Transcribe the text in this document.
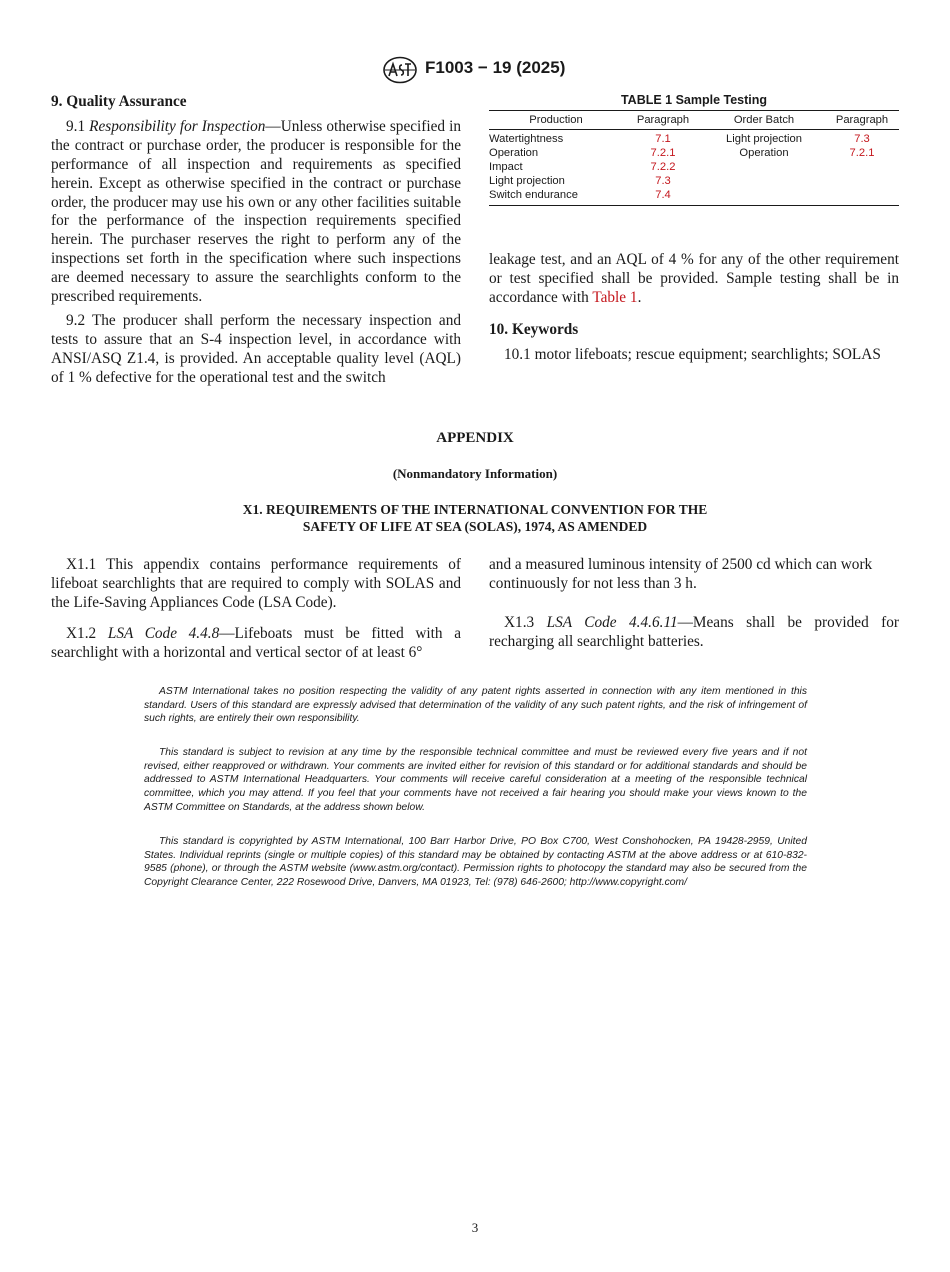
F1003 − 19 (2025)
9. Quality Assurance

9.1 Responsibility for Inspection—Unless otherwise specified in the contract or purchase order, the producer is responsible for the performance of all inspection and requirements as specified herein. Except as otherwise specified in the contract or purchase order, the producer may use his own or any other facilities suitable for the performance of the inspection requirements specified herein. The purchaser reserves the right to perform any of the inspections set forth in the specification where such inspections are deemed necessary to assure the searchlights conform to the prescribed requirements.

9.2 The producer shall perform the necessary inspection and tests to assure that an S-4 inspection level, in accordance with ANSI/ASQ Z1.4, is provided. An acceptable quality level (AQL) of 1 % defective for the operational test and the switch

TABLE 1 Sample Testing
Production	Paragraph	Order Batch	Paragraph
Watertightness	7.1	Light projection	7.3
Operation	7.2.1	Operation	7.2.1
Impact	7.2.2		
Light projection	7.3		
Switch endurance	7.4		

leakage test, and an AQL of 4 % for any of the other requirement or test specified shall be provided. Sample testing shall be in accordance with Table 1.

10. Keywords

10.1 motor lifeboats; rescue equipment; searchlights; SOLAS

APPENDIX
(Nonmandatory Information)
X1. REQUIREMENTS OF THE INTERNATIONAL CONVENTION FOR THE
SAFETY OF LIFE AT SEA (SOLAS), 1974, AS AMENDED

X1.1 This appendix contains performance requirements of lifeboat searchlights that are required to comply with SOLAS and the Life-Saving Appliances Code (LSA Code).

X1.2 LSA Code 4.4.8—Lifeboats must be fitted with a searchlight with a horizontal and vertical sector of at least 6°

and a measured luminous intensity of 2500 cd which can work continuously for not less than 3 h.

X1.3 LSA Code 4.4.6.11—Means shall be provided for recharging all searchlight batteries.

ASTM International takes no position respecting the validity of any patent rights asserted in connection with any item mentioned in this standard. Users of this standard are expressly advised that determination of the validity of any such patent rights, and the risk of infringement of such rights, are entirely their own responsibility.

This standard is subject to revision at any time by the responsible technical committee and must be reviewed every five years and if not revised, either reapproved or withdrawn. Your comments are invited either for revision of this standard or for additional standards and should be addressed to ASTM International Headquarters. Your comments will receive careful consideration at a meeting of the responsible technical committee, which you may attend. If you feel that your comments have not received a fair hearing you should make your views known to the ASTM Committee on Standards, at the address shown below.

This standard is copyrighted by ASTM International, 100 Barr Harbor Drive, PO Box C700, West Conshohocken, PA 19428-2959, United States. Individual reprints (single or multiple copies) of this standard may be obtained by contacting ASTM at the above address or at 610-832-9585 (phone), or through the ASTM website (www.astm.org/contact). Permission rights to photocopy the standard may also be secured from the Copyright Clearance Center, 222 Rosewood Drive, Danvers, MA 01923, Tel: (978) 646-2600; http://www.copyright.com/

3
